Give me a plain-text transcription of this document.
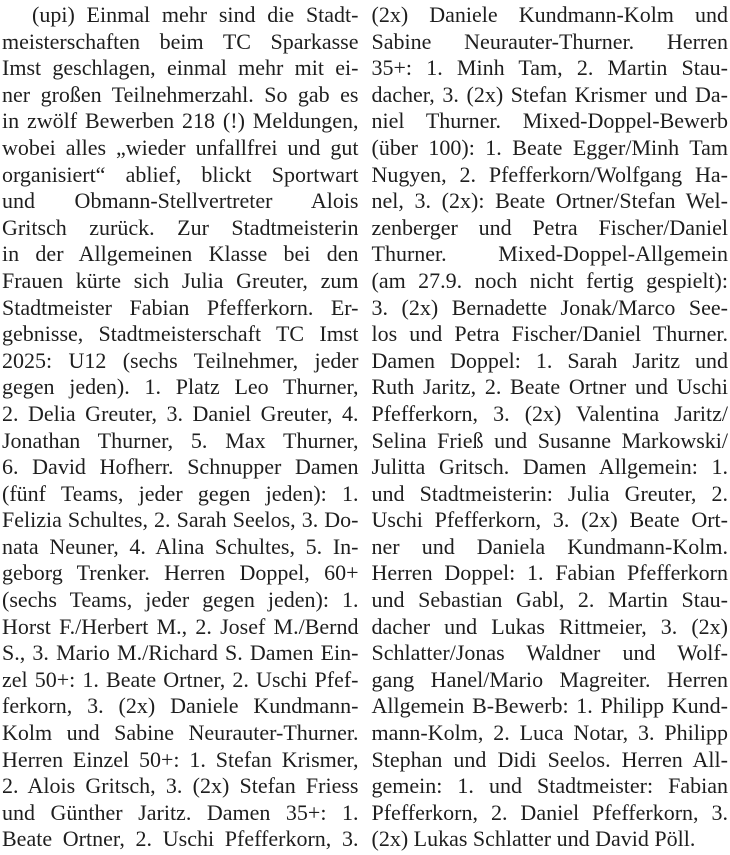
(upi) Einmal mehr sind die Stadt-
meisterschaften beim TC Sparkasse
Imst geschlagen, einmal mehr mit ei-
ner großen Teilnehmerzahl. So gab es
in zwölf Bewerben 218 (!) Meldungen,
wobei alles „wieder unfallfrei und gut
organisiert“ ablief, blickt Sportwart
und Obmann-Stellvertreter Alois
Gritsch zurück. Zur Stadtmeisterin
in der Allgemeinen Klasse bei den
Frauen kürte sich Julia Greuter, zum
Stadtmeister Fabian Pfefferkorn. Er-
gebnisse, Stadtmeisterschaft TC Imst
2025: U12 (sechs Teilnehmer, jeder
gegen jeden). 1. Platz Leo Thurner,
2. Delia Greuter, 3. Daniel Greuter, 4.
Jonathan Thurner, 5. Max Thurner,
6. David Hofherr. Schnupper Damen
(fünf Teams, jeder gegen jeden): 1.
Felizia Schultes, 2. Sarah Seelos, 3. Do-
nata Neuner, 4. Alina Schultes, 5. In-
geborg Trenker. Herren Doppel, 60+
(sechs Teams, jeder gegen jeden): 1.
Horst F./Herbert M., 2. Josef M./Bernd
S., 3. Mario M./Richard S. Damen Ein-
zel 50+: 1. Beate Ortner, 2. Uschi Pfef-
ferkorn, 3. (2x) Daniele Kundmann-
Kolm und Sabine Neurauter-Thurner.
Herren Einzel 50+: 1. Stefan Krismer,
2. Alois Gritsch, 3. (2x) Stefan Friess
und Günther Jaritz. Damen 35+: 1.
Beate Ortner, 2. Uschi Pfefferkorn, 3.
(2x) Daniele Kundmann-Kolm und
Sabine Neurauter-Thurner. Herren
35+: 1. Minh Tam, 2. Martin Stau-
dacher, 3. (2x) Stefan Krismer und Da-
niel Thurner. Mixed-Doppel-Bewerb
(über 100): 1. Beate Egger/Minh Tam
Nugyen, 2. Pfefferkorn/Wolfgang Ha-
nel, 3. (2x): Beate Ortner/Stefan Wel-
zenberger und Petra Fischer/Daniel
Thurner. Mixed-Doppel-Allgemein
(am 27.9. noch nicht fertig gespielt):
3. (2x) Bernadette Jonak/Marco See-
los und Petra Fischer/Daniel Thurner.
Damen Doppel: 1. Sarah Jaritz und
Ruth Jaritz, 2. Beate Ortner und Uschi
Pfefferkorn, 3. (2x) Valentina Jaritz/
Selina Frieß und Susanne Markowski/
Julitta Gritsch. Damen Allgemein: 1.
und Stadtmeisterin: Julia Greuter, 2.
Uschi Pfefferkorn, 3. (2x) Beate Ort-
ner und Daniela Kundmann-Kolm.
Herren Doppel: 1. Fabian Pfefferkorn
und Sebastian Gabl, 2. Martin Stau-
dacher und Lukas Rittmeier, 3. (2x)
Schlatter/Jonas Waldner und Wolf-
gang Hanel/Mario Magreiter. Herren
Allgemein B-Bewerb: 1. Philipp Kund-
mann-Kolm, 2. Luca Notar, 3. Philipp
Stephan und Didi Seelos. Herren All-
gemein: 1. und Stadtmeister: Fabian
Pfefferkorn, 2. Daniel Pfefferkorn, 3.
(2x) Lukas Schlatter und David Pöll.
